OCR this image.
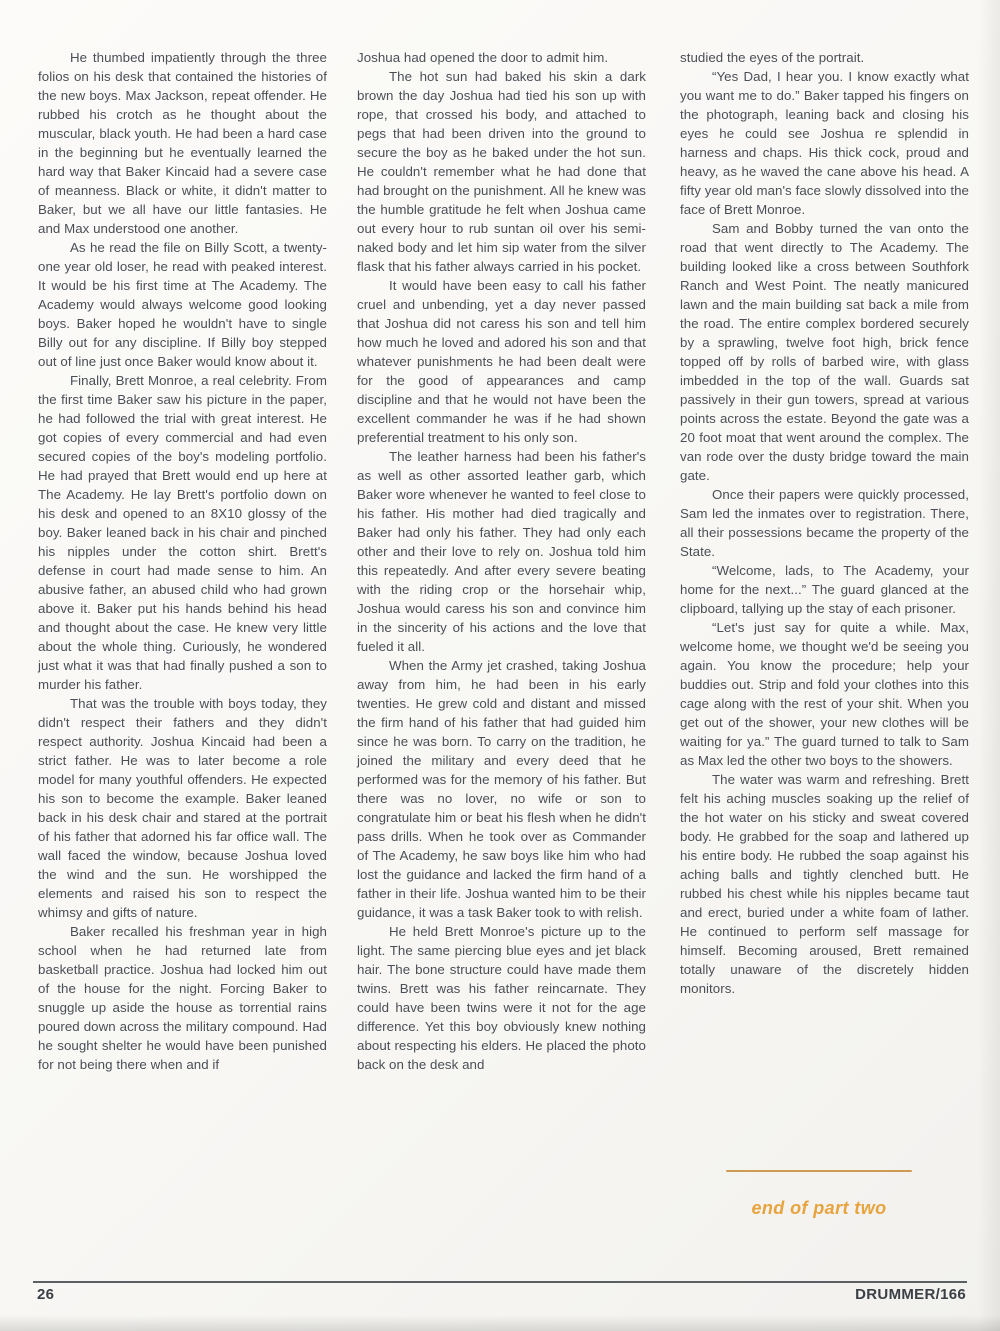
He thumbed impatiently through the three folios on his desk that contained the histories of the new boys. Max Jackson, repeat offender. He rubbed his crotch as he thought about the muscular, black youth. He had been a hard case in the beginning but he eventually learned the hard way that Baker Kincaid had a severe case of meanness. Black or white, it didn't matter to Baker, but we all have our little fantasies. He and Max understood one another.

As he read the file on Billy Scott, a twenty-one year old loser, he read with peaked interest. It would be his first time at The Academy. The Academy would always welcome good looking boys. Baker hoped he wouldn't have to single Billy out for any discipline. If Billy boy stepped out of line just once Baker would know about it.

Finally, Brett Monroe, a real celebrity. From the first time Baker saw his picture in the paper, he had followed the trial with great interest. He got copies of every commercial and had even secured copies of the boy's modeling portfolio. He had prayed that Brett would end up here at The Academy. He lay Brett's portfolio down on his desk and opened to an 8X10 glossy of the boy. Baker leaned back in his chair and pinched his nipples under the cotton shirt. Brett's defense in court had made sense to him. An abusive father, an abused child who had grown above it. Baker put his hands behind his head and thought about the case. He knew very little about the whole thing. Curiously, he wondered just what it was that had finally pushed a son to murder his father.

That was the trouble with boys today, they didn't respect their fathers and they didn't respect authority. Joshua Kincaid had been a strict father. He was to later become a role model for many youthful offenders. He expected his son to become the example. Baker leaned back in his desk chair and stared at the portrait of his father that adorned his far office wall. The wall faced the window, because Joshua loved the wind and the sun. He worshipped the elements and raised his son to respect the whimsy and gifts of nature.

Baker recalled his freshman year in high school when he had returned late from basketball practice. Joshua had locked him out of the house for the night. Forcing Baker to snuggle up aside the house as torrential rains poured down across the military compound. Had he sought shelter he would have been punished for not being there when and if

Joshua had opened the door to admit him.

The hot sun had baked his skin a dark brown the day Joshua had tied his son up with rope, that crossed his body, and attached to pegs that had been driven into the ground to secure the boy as he baked under the hot sun. He couldn't remember what he had done that had brought on the punishment. All he knew was the humble gratitude he felt when Joshua came out every hour to rub suntan oil over his semi-naked body and let him sip water from the silver flask that his father always carried in his pocket.

It would have been easy to call his father cruel and unbending, yet a day never passed that Joshua did not caress his son and tell him how much he loved and adored his son and that whatever punishments he had been dealt were for the good of appearances and camp discipline and that he would not have been the excellent commander he was if he had shown preferential treatment to his only son.

The leather harness had been his father's as well as other assorted leather garb, which Baker wore whenever he wanted to feel close to his father. His mother had died tragically and Baker had only his father. They had only each other and their love to rely on. Joshua told him this repeatedly. And after every severe beating with the riding crop or the horsehair whip, Joshua would caress his son and convince him in the sincerity of his actions and the love that fueled it all.

When the Army jet crashed, taking Joshua away from him, he had been in his early twenties. He grew cold and distant and missed the firm hand of his father that had guided him since he was born. To carry on the tradition, he joined the military and every deed that he performed was for the memory of his father. But there was no lover, no wife or son to congratulate him or beat his flesh when he didn't pass drills. When he took over as Commander of The Academy, he saw boys like him who had lost the guidance and lacked the firm hand of a father in their life. Joshua wanted him to be their guidance, it was a task Baker took to with relish.

He held Brett Monroe's picture up to the light. The same piercing blue eyes and jet black hair. The bone structure could have made them twins. Brett was his father reincarnate. They could have been twins were it not for the age difference. Yet this boy obviously knew nothing about respecting his elders. He placed the photo back on the desk and

studied the eyes of the portrait.

“Yes Dad, I hear you. I know exactly what you want me to do.” Baker tapped his fingers on the photograph, leaning back and closing his eyes he could see Joshua re splendid in harness and chaps. His thick cock, proud and heavy, as he waved the cane above his head. A fifty year old man's face slowly dissolved into the face of Brett Monroe.

Sam and Bobby turned the van onto the road that went directly to The Academy. The building looked like a cross between Southfork Ranch and West Point. The neatly manicured lawn and the main building sat back a mile from the road. The entire complex bordered securely by a sprawling, twelve foot high, brick fence topped off by rolls of barbed wire, with glass imbedded in the top of the wall. Guards sat passively in their gun towers, spread at various points across the estate. Beyond the gate was a 20 foot moat that went around the complex. The van rode over the dusty bridge toward the main gate.

Once their papers were quickly processed, Sam led the inmates over to registration. There, all their possessions became the property of the State.

“Welcome, lads, to The Academy, your home for the next...” The guard glanced at the clipboard, tallying up the stay of each prisoner.

“Let's just say for quite a while. Max, welcome home, we thought we'd be seeing you again. You know the procedure; help your buddies out. Strip and fold your clothes into this cage along with the rest of your shit. When you get out of the shower, your new clothes will be waiting for ya.” The guard turned to talk to Sam as Max led the other two boys to the showers.

The water was warm and refreshing. Brett felt his aching muscles soaking up the relief of the hot water on his sticky and sweat covered body. He grabbed for the soap and lathered up his entire body. He rubbed the soap against his aching balls and tightly clenched butt. He rubbed his chest while his nipples became taut and erect, buried under a white foam of lather. He continued to perform self massage for himself. Becoming aroused, Brett remained totally unaware of the discretely hidden monitors.

end of part two
26	DRUMMER/166
